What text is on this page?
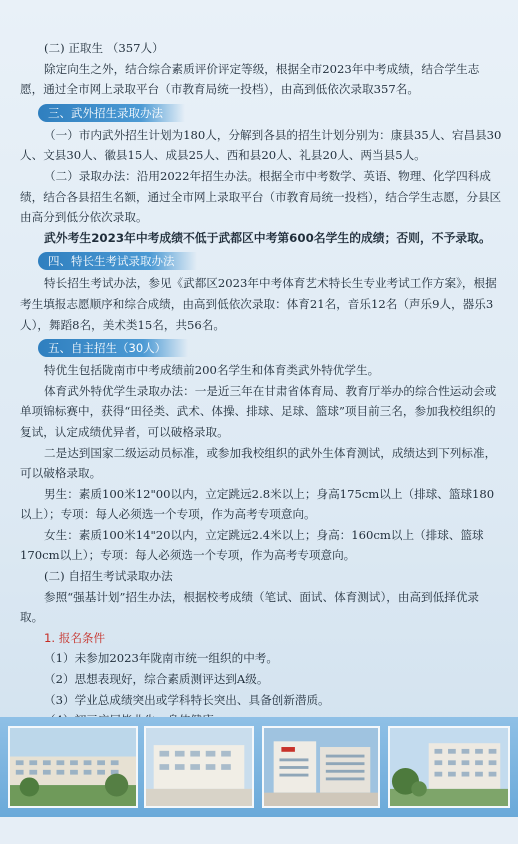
(二) 正取生 （357人）

除定向生之外，结合综合素质评价评定等级，根据全市2023年中考成绩，结合学生志愿，通过全市网上录取平台（市教育局统一投档），由高到低依次录取357名。

三、武外招生录取办法

（一）市内武外招生计划为180人，分解到各县的招生计划分别为：康县35人、宕昌县30人、文县30人、徽县15人、成县25人、西和县20人、礼县20人、两当县5人。

（二）录取办法：沿用2022年招生办法。根据全市中考数学、英语、物理、化学四科成绩，结合各县招生名额，通过全市网上录取平台（市教育局统一投档），结合学生志愿，分县区由高分到低分依次录取。

武外考生2023年中考成绩不低于武都区中考第600名学生的成绩；否则，不予录取。

四、特长生考试录取办法

特长招生考试办法，参见《武都区2023年中考体育艺术特长生专业考试工作方案》，根据考生填报志愿顺序和综合成绩，由高到低依次录取：体育21名，音乐12名（声乐9人，器乐3人），舞蹈8名，美术类15名，共56名。

五、自主招生（30人）

特优生包括陇南市中考成绩前200名学生和体育类武外特优学生。

体育武外特优学生录取办法：一是近三年在甘肃省体育局、教育厅举办的综合性运动会或单项锦标赛中，获得“田径类、武术、体操、排球、足球、篮球”项目前三名，参加我校组织的复试，认定成绩优异者，可以破格录取。

二是达到国家二级运动员标准，或参加我校组织的武外生体育测试，成绩达到下列标准，可以破格录取。

男生：素质100米12"00以内，立定跳远2.8米以上；身高175cm以上（排球、篮球180以上）；专项：每人必须选一个专项，作为高考专项意向。

女生：素质100米14"20以内，立定跳远2.4米以上；身高：160cm以上（排球、篮球170cm以上）；专项：每人必须选一个专项，作为高考专项意向。

(二) 自招生考试录取办法

参照“强基计划”招生办法，根据校考成绩（笔试、面试、体育测试），由高到低择优录取。

1. 报名条件

（1）未参加2023年陇南市统一组织的中考。

（2）思想表现好，综合素质测评达到A级。

（3）学业总成绩突出或学科特长突出、具备创新潜质。
